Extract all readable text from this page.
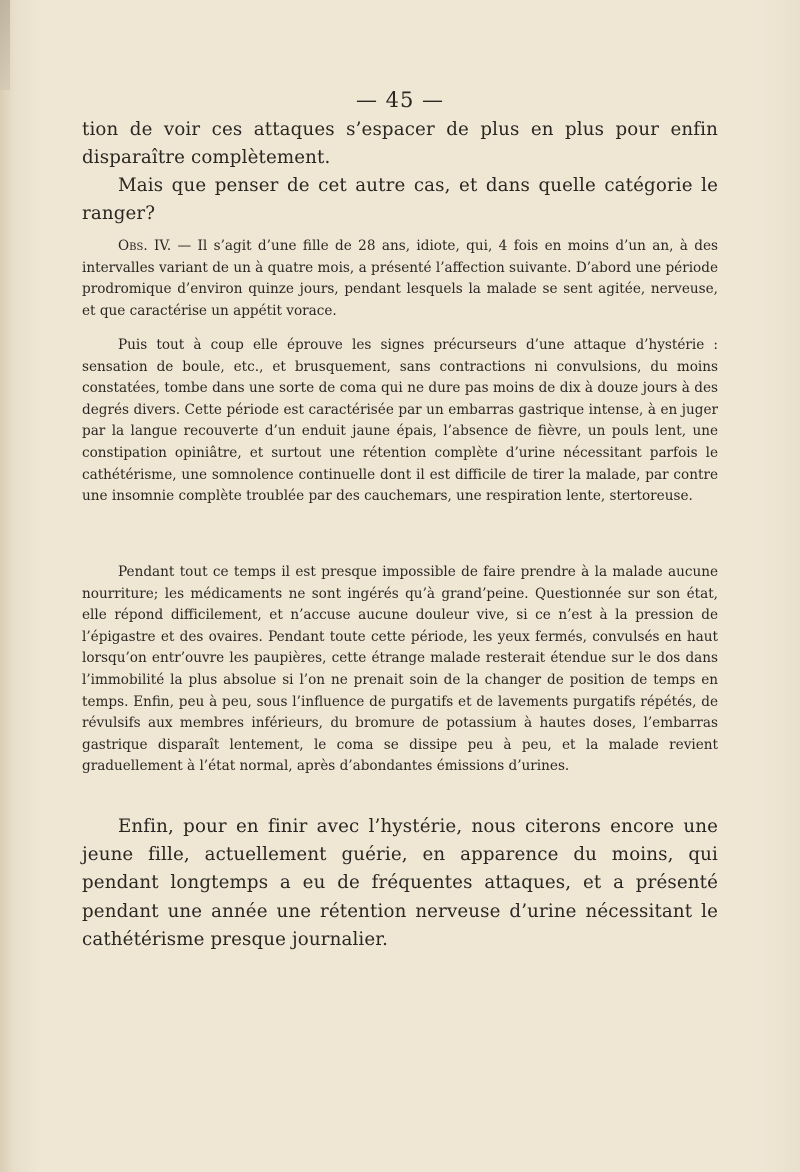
— 45 —

tion de voir ces attaques s’espacer de plus en plus pour enfin disparaître complètement.

Mais que penser de cet autre cas, et dans quelle catégorie le ranger?

Obs. IV. — Il s’agit d’une fille de 28 ans, idiote, qui, 4 fois en moins d’un an, à des intervalles variant de un à quatre mois, a présenté l’affection suivante. D’abord une période prodromique d’environ quinze jours, pendant lesquels la malade se sent agitée, nerveuse, et que caractérise un appétit vorace.

Puis tout à coup elle éprouve les signes précurseurs d’une attaque d’hystérie : sensation de boule, etc., et brusquement, sans contractions ni convulsions, du moins constatées, tombe dans une sorte de coma qui ne dure pas moins de dix à douze jours à des degrés divers. Cette période est caractérisée par un embarras gastrique intense, à en juger par la langue recouverte d’un enduit jaune épais, l’absence de fièvre, un pouls lent, une constipation opiniâtre, et surtout une rétention complète d’urine nécessitant parfois le cathétérisme, une somnolence continuelle dont il est difficile de tirer la malade, par contre une insomnie complète troublée par des cauchemars, une respiration lente, stertoreuse.

Pendant tout ce temps il est presque impossible de faire prendre à la malade aucune nourriture; les médicaments ne sont ingérés qu’à grand’peine. Questionnée sur son état, elle répond difficilement, et n’accuse aucune douleur vive, si ce n’est à la pression de l’épigastre et des ovaires. Pendant toute cette période, les yeux fermés, convulsés en haut lorsqu’on entr’ouvre les paupières, cette étrange malade resterait étendue sur le dos dans l’immobilité la plus absolue si l’on ne prenait soin de la changer de position de temps en temps. Enfin, peu à peu, sous l’influence de purgatifs et de lavements purgatifs répétés, de révulsifs aux membres inférieurs, du bromure de potassium à hautes doses, l’embarras gastrique disparaît lentement, le coma se dissipe peu à peu, et la malade revient graduellement à l’état normal, après d’abondantes émissions d’urines.

Enfin, pour en finir avec l’hystérie, nous citerons encore une jeune fille, actuellement guérie, en apparence du moins, qui pendant longtemps a eu de fréquentes attaques, et a présenté pendant une année une rétention nerveuse d’urine nécessitant le cathétérisme presque journalier.
